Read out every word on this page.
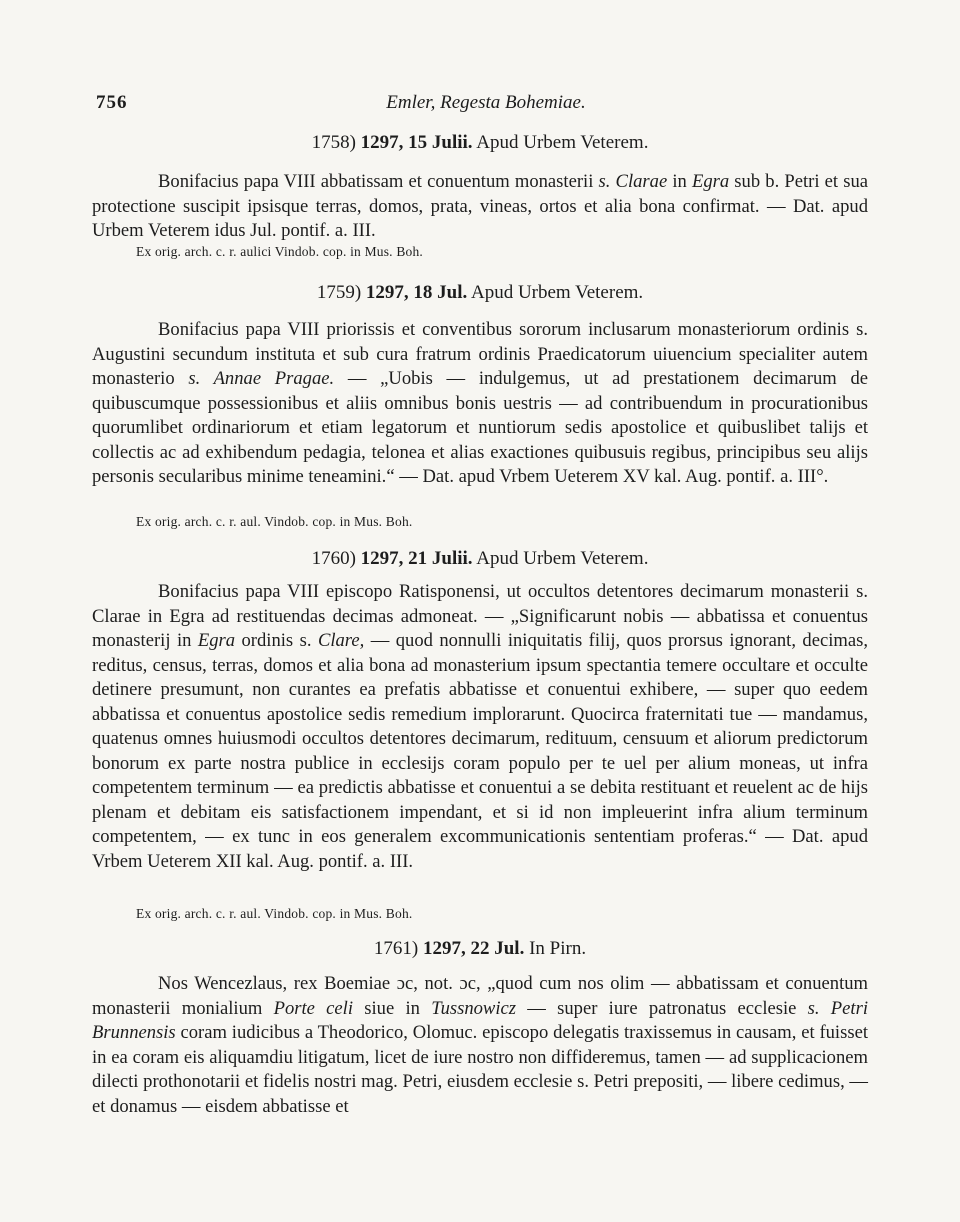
756	Emler, Regesta Bohemiae.
1758) 1297, 15 Julii. Apud Urbem Veterem.

Bonifacius papa VIII abbatissam et conuentum monasterii s. Clarae in Egra sub b. Petri et sua protectione suscipit ipsisque terras, domos, prata, vineas, ortos et alia bona confirmat. — Dat. apud Urbem Veterem idus Jul. pontif. a. III.

Ex orig. arch. c. r. aulici Vindob. cop. in Mus. Boh.
1759) 1297, 18 Jul. Apud Urbem Veterem.

Bonifacius papa VIII priorissis et conventibus sororum inclusarum monasteriorum ordinis s. Augustini secundum instituta et sub cura fratrum ordinis Praedicatorum uiuencium specialiter autem monasterio s. Annae Pragae. — „Uobis — indulgemus, ut ad prestationem decimarum de quibuscumque possessionibus et aliis omnibus bonis uestris — ad contribuendum in procurationibus quorumlibet ordinariorum et etiam legatorum et nuntiorum sedis apostolice et quibuslibet talijs et collectis ac ad exhibendum pedagia, telonea et alias exactiones quibusuis regibus, principibus seu alijs personis secularibus minime teneamini.“ — Dat. apud Vrbem Ueterem XV kal. Aug. pontif. a. III°.

Ex orig. arch. c. r. aul. Vindob. cop. in Mus. Boh.
1760) 1297, 21 Julii. Apud Urbem Veterem.

Bonifacius papa VIII episcopo Ratisponensi, ut occultos detentores decimarum monasterii s. Clarae in Egra ad restituendas decimas admoneat. — „Significarunt nobis — abbatissa et conuentus monasterij in Egra ordinis s. Clare, — quod nonnulli iniquitatis filij, quos prorsus ignorant, decimas, reditus, census, terras, domos et alia bona ad monasterium ipsum spectantia temere occultare et occulte detinere presumunt, non curantes ea prefatis abbatisse et conuentui exhibere, — super quo eedem abbatissa et conuentus apostolice sedis remedium implorarunt. Quocirca fraternitati tue — mandamus, quatenus omnes huiusmodi occultos detentores decimarum, redituum, censuum et aliorum predictorum bonorum ex parte nostra publice in ecclesijs coram populo per te uel per alium moneas, ut infra competentem terminum — ea predictis abbatisse et conuentui a se debita restituant et reuelent ac de hijs plenam et debitam eis satisfactionem impendant, et si id non impleuerint infra alium terminum competentem, — ex tunc in eos generalem excommunicationis sententiam proferas.“ — Dat. apud Vrbem Ueterem XII kal. Aug. pontif. a. III.

Ex orig. arch. c. r. aul. Vindob. cop. in Mus. Boh.
1761) 1297, 22 Jul. In Pirn.

Nos Wencezlaus, rex Boemiae ɔc, not. ɔc, „quod cum nos olim — abbatissam et conuentum monasterii monialium Porte celi siue in Tussnowicz — super iure patronatus ecclesie s. Petri Brunnensis coram iudicibus a Theodorico, Olomuc. episcopo delegatis traxissemus in causam, et fuisset in ea coram eis aliquamdiu litigatum, licet de iure nostro non diffideremus, tamen — ad supplicacionem dilecti prothonotarii et fidelis nostri mag. Petri, eiusdem ecclesie s. Petri prepositi, — libere cedimus, — et donamus — eisdem abbatisse et
